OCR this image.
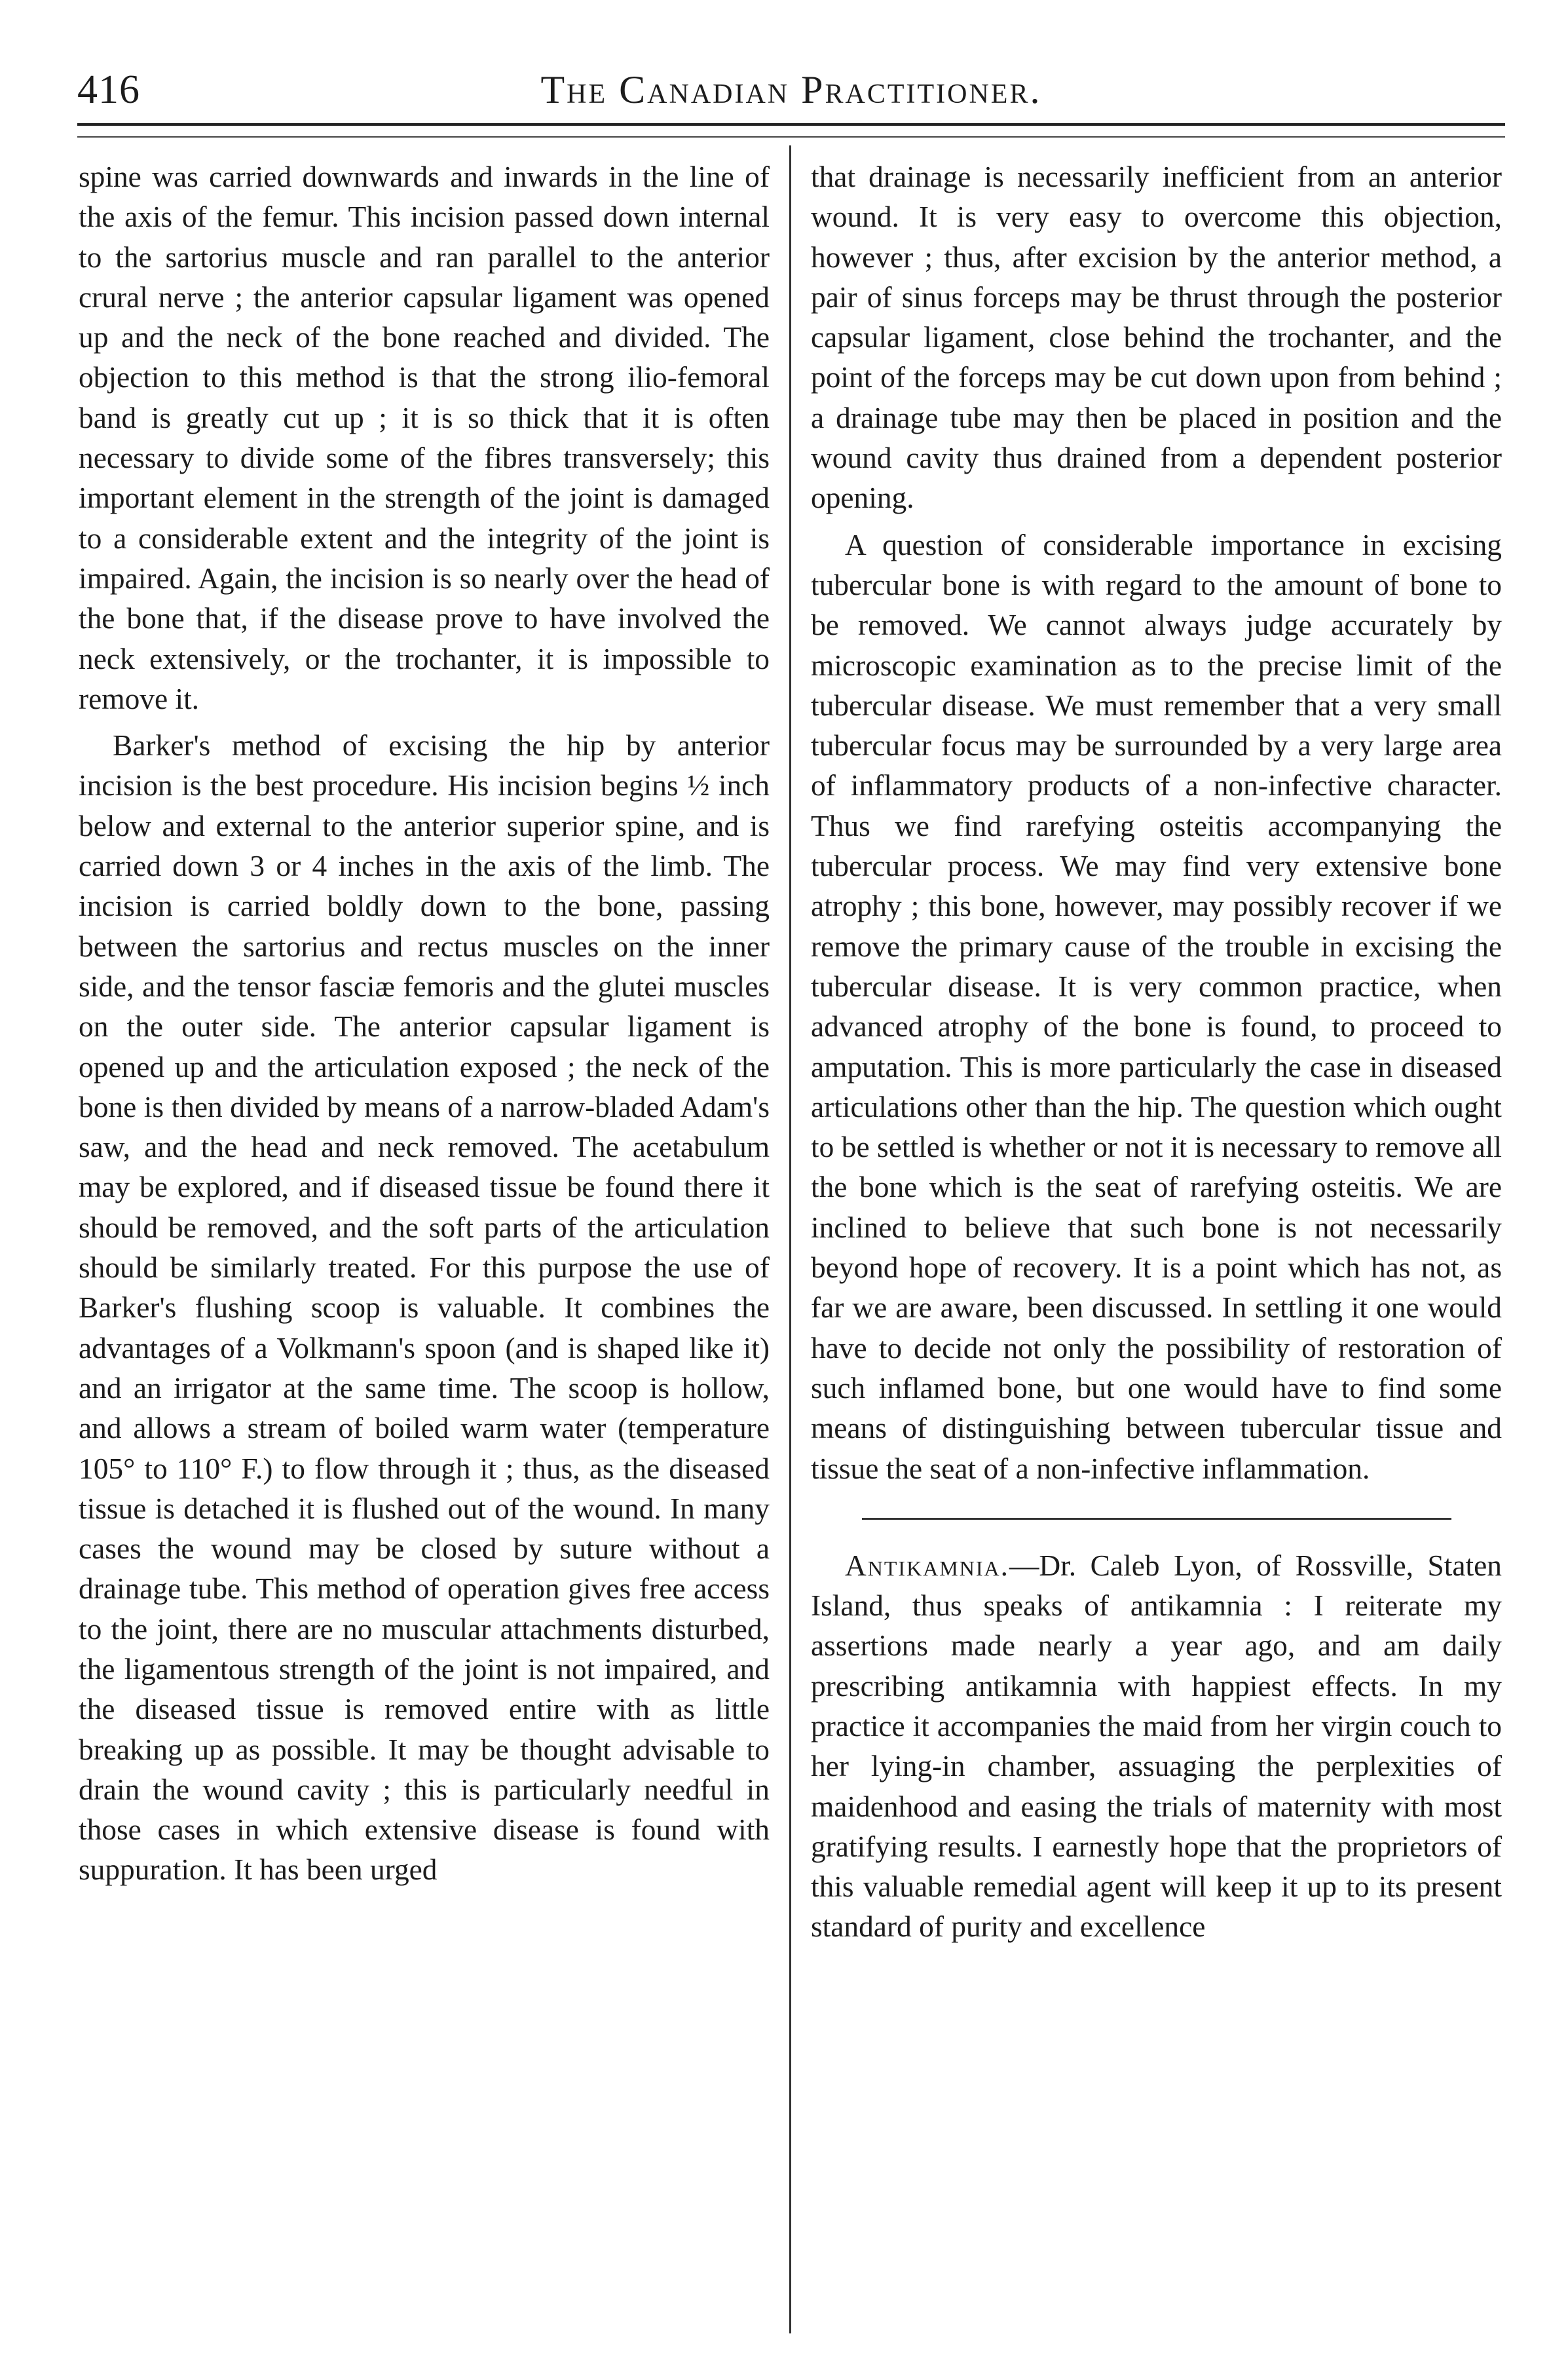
416	The Canadian Practitioner.

spine was carried downwards and inwards in the line of the axis of the femur. This incision passed down internal to the sartorius muscle and ran parallel to the anterior crural nerve ; the anterior capsular ligament was opened up and the neck of the bone reached and divided. The objection to this method is that the strong ilio-femoral band is greatly cut up ; it is so thick that it is often necessary to divide some of the fibres transversely; this important element in the strength of the joint is damaged to a considerable extent and the integrity of the joint is impaired. Again, the incision is so nearly over the head of the bone that, if the disease prove to have involved the neck extensively, or the trochanter, it is impossible to remove it.

Barker's method of excising the hip by anterior incision is the best procedure. His incision begins ½ inch below and external to the anterior superior spine, and is carried down 3 or 4 inches in the axis of the limb. The incision is carried boldly down to the bone, passing between the sartorius and rectus muscles on the inner side, and the tensor fasciæ femoris and the glutei muscles on the outer side. The anterior capsular ligament is opened up and the articulation exposed ; the neck of the bone is then divided by means of a narrow-bladed Adam's saw, and the head and neck removed. The acetabulum may be explored, and if diseased tissue be found there it should be removed, and the soft parts of the articulation should be similarly treated. For this purpose the use of Barker's flushing scoop is valuable. It combines the advantages of a Volkmann's spoon (and is shaped like it) and an irrigator at the same time. The scoop is hollow, and allows a stream of boiled warm water (temperature 105° to 110° F.) to flow through it ; thus, as the diseased tissue is detached it is flushed out of the wound. In many cases the wound may be closed by suture without a drainage tube. This method of operation gives free access to the joint, there are no muscular attachments disturbed, the ligamentous strength of the joint is not impaired, and the diseased tissue is removed entire with as little breaking up as possible. It may be thought advisable to drain the wound cavity ; this is particularly needful in those cases in which extensive disease is found with suppuration. It has been urged

that drainage is necessarily inefficient from an anterior wound. It is very easy to overcome this objection, however ; thus, after excision by the anterior method, a pair of sinus forceps may be thrust through the posterior capsular ligament, close behind the trochanter, and the point of the forceps may be cut down upon from behind ; a drainage tube may then be placed in position and the wound cavity thus drained from a dependent posterior opening.

A question of considerable importance in excising tubercular bone is with regard to the amount of bone to be removed. We cannot always judge accurately by microscopic examination as to the precise limit of the tubercular disease. We must remember that a very small tubercular focus may be surrounded by a very large area of inflammatory products of a non-infective character. Thus we find rarefying osteitis accompanying the tubercular process. We may find very extensive bone atrophy ; this bone, however, may possibly recover if we remove the primary cause of the trouble in excising the tubercular disease. It is very common practice, when advanced atrophy of the bone is found, to proceed to amputation. This is more particularly the case in diseased articulations other than the hip. The question which ought to be settled is whether or not it is necessary to remove all the bone which is the seat of rarefying osteitis. We are inclined to believe that such bone is not necessarily beyond hope of recovery. It is a point which has not, as far we are aware, been discussed. In settling it one would have to decide not only the possibility of restoration of such inflamed bone, but one would have to find some means of distinguishing between tubercular tissue and tissue the seat of a non-infective inflammation.

Antikamnia.—Dr. Caleb Lyon, of Rossville, Staten Island, thus speaks of antikamnia : I reiterate my assertions made nearly a year ago, and am daily prescribing antikamnia with happiest effects. In my practice it accompanies the maid from her virgin couch to her lying-in chamber, assuaging the perplexities of maidenhood and easing the trials of maternity with most gratifying results. I earnestly hope that the proprietors of this valuable remedial agent will keep it up to its present standard of purity and excellence
